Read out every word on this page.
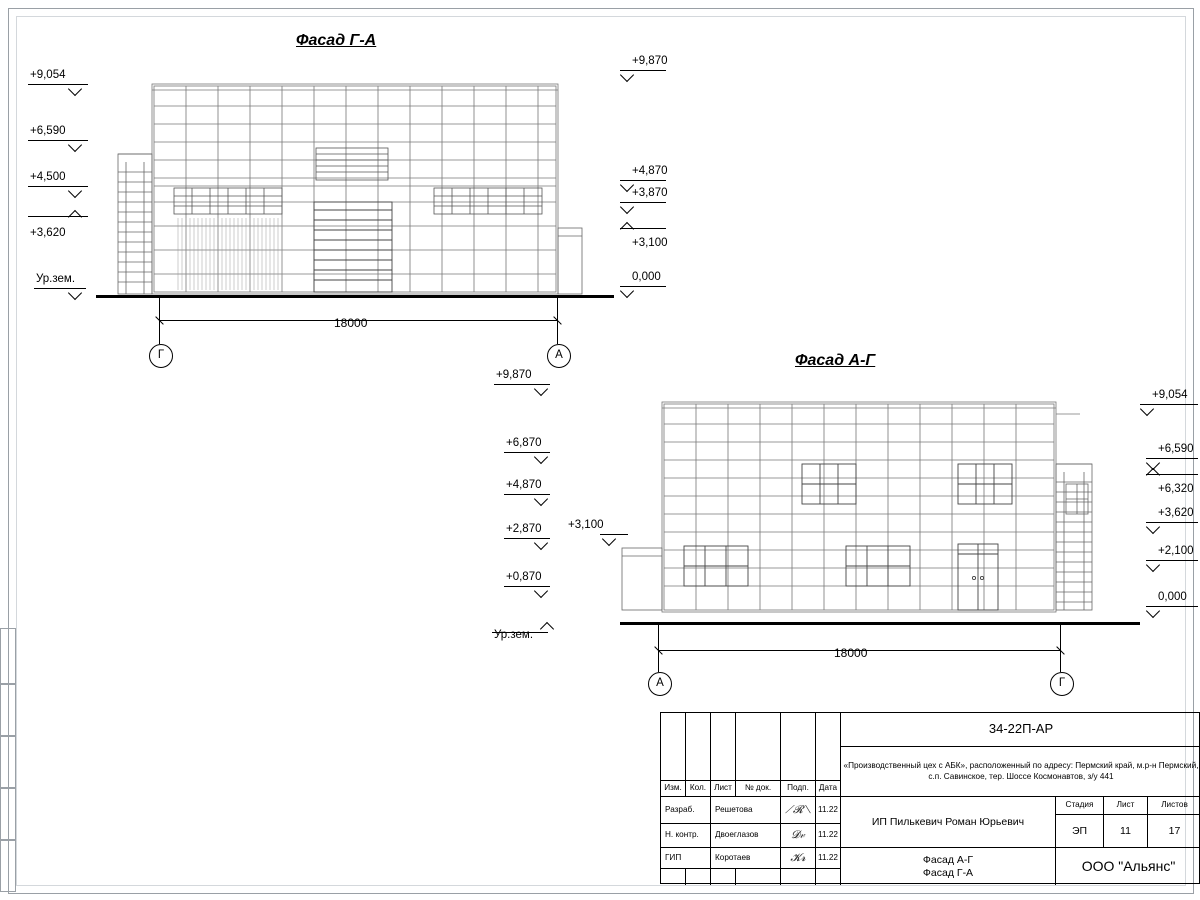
Фасад Г-А
+9,054
+6,590
+4,500
+3,620
Ур.зем.
+9,870
+4,870
+3,870
+3,100
0,000
18000
Г	А	Фасад А-Г
+9,870
+6,870
+4,870
+2,870
+0,870
Ур.зем.
+3,100
+9,054
+6,590
+6,320
+3,620
+2,100
0,000
18000
А	Г
Изм. Кол. Лист	№ док.	Подп.	Дата
Разраб.	Решетова	⟋𝓡⟍ 11.22
Н. контр.	Двоеглазов	𝓓𝓋 11.22
ГИП	Коротаев	𝓚𝓻 11.22
34-22П-АР
«Производственный цех с АБК», расположенный по адресу: Пермский край, м.р-н Пермский, с.п. Савинское, тер. Шоссе Космонавтов, з/у 441
ИП Пилькевич Роман Юрьевич
Стадия	Лист	Листов
ЭП	11	17
Фасад А-Г
Фасад Г-А	ООО "Альянс"
